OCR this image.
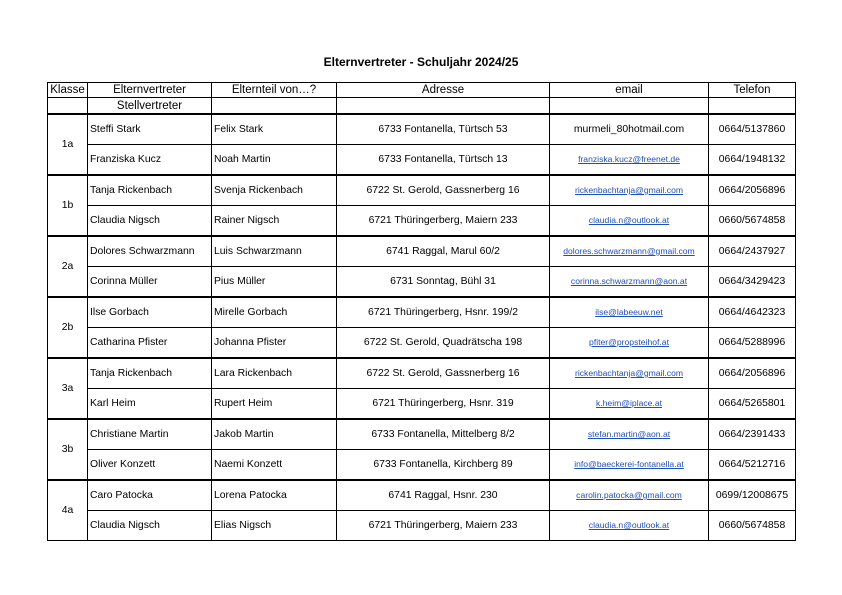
Elternvertreter - Schuljahr 2024/25
Klasse	Elternvertreter	Elternteil von…?	Adresse	email	Telefon
	Stellvertreter				
1a	Steffi Stark	Felix Stark	6733 Fontanella, Türtsch 53	murmeli_80hotmail.com	0664/5137860
	Franziska Kucz	Noah Martin	6733 Fontanella, Türtsch 13	franziska.kucz@freenet.de	0664/1948132
1b	Tanja Rickenbach	Svenja Rickenbach	6722 St. Gerold, Gassnerberg 16	rickenbachtanja@gmail.com	0664/2056896
	Claudia Nigsch	Rainer Nigsch	6721 Thüringerberg, Maiern 233	claudia.n@outlook.at	0660/5674858
2a	Dolores Schwarzmann	Luis Schwarzmann	6741 Raggal, Marul 60/2	dolores.schwarzmann@gmail.com	0664/2437927
	Corinna Müller	Pius Müller	6731 Sonntag, Bühl 31	corinna.schwarzmann@aon.at	0664/3429423
2b	Ilse Gorbach	Mirelle Gorbach	6721 Thüringerberg, Hsnr. 199/2	ilse@labeeuw.net	0664/4642323
	Catharina Pfister	Johanna Pfister	6722 St. Gerold, Quadrätscha 198	pfiter@propsteihof.at	0664/5288996
3a	Tanja Rickenbach	Lara Rickenbach	6722 St. Gerold, Gassnerberg 16	rickenbachtanja@gmail.com	0664/2056896
	Karl Heim	Rupert Heim	6721 Thüringerberg, Hsnr. 319	k.heim@iplace.at	0664/5265801
3b	Christiane Martin	Jakob Martin	6733 Fontanella, Mittelberg 8/2	stefan.martin@aon.at	0664/2391433
	Oliver Konzett	Naemi Konzett	6733 Fontanella, Kirchberg 89	info@baeckerei-fontanella.at	0664/5212716
4a	Caro Patocka	Lorena Patocka	6741 Raggal, Hsnr. 230	carolin.patocka@gmail.com	0699/12008675
	Claudia Nigsch	Elias Nigsch	6721 Thüringerberg, Maiern 233	claudia.n@outlook.at	0660/5674858
